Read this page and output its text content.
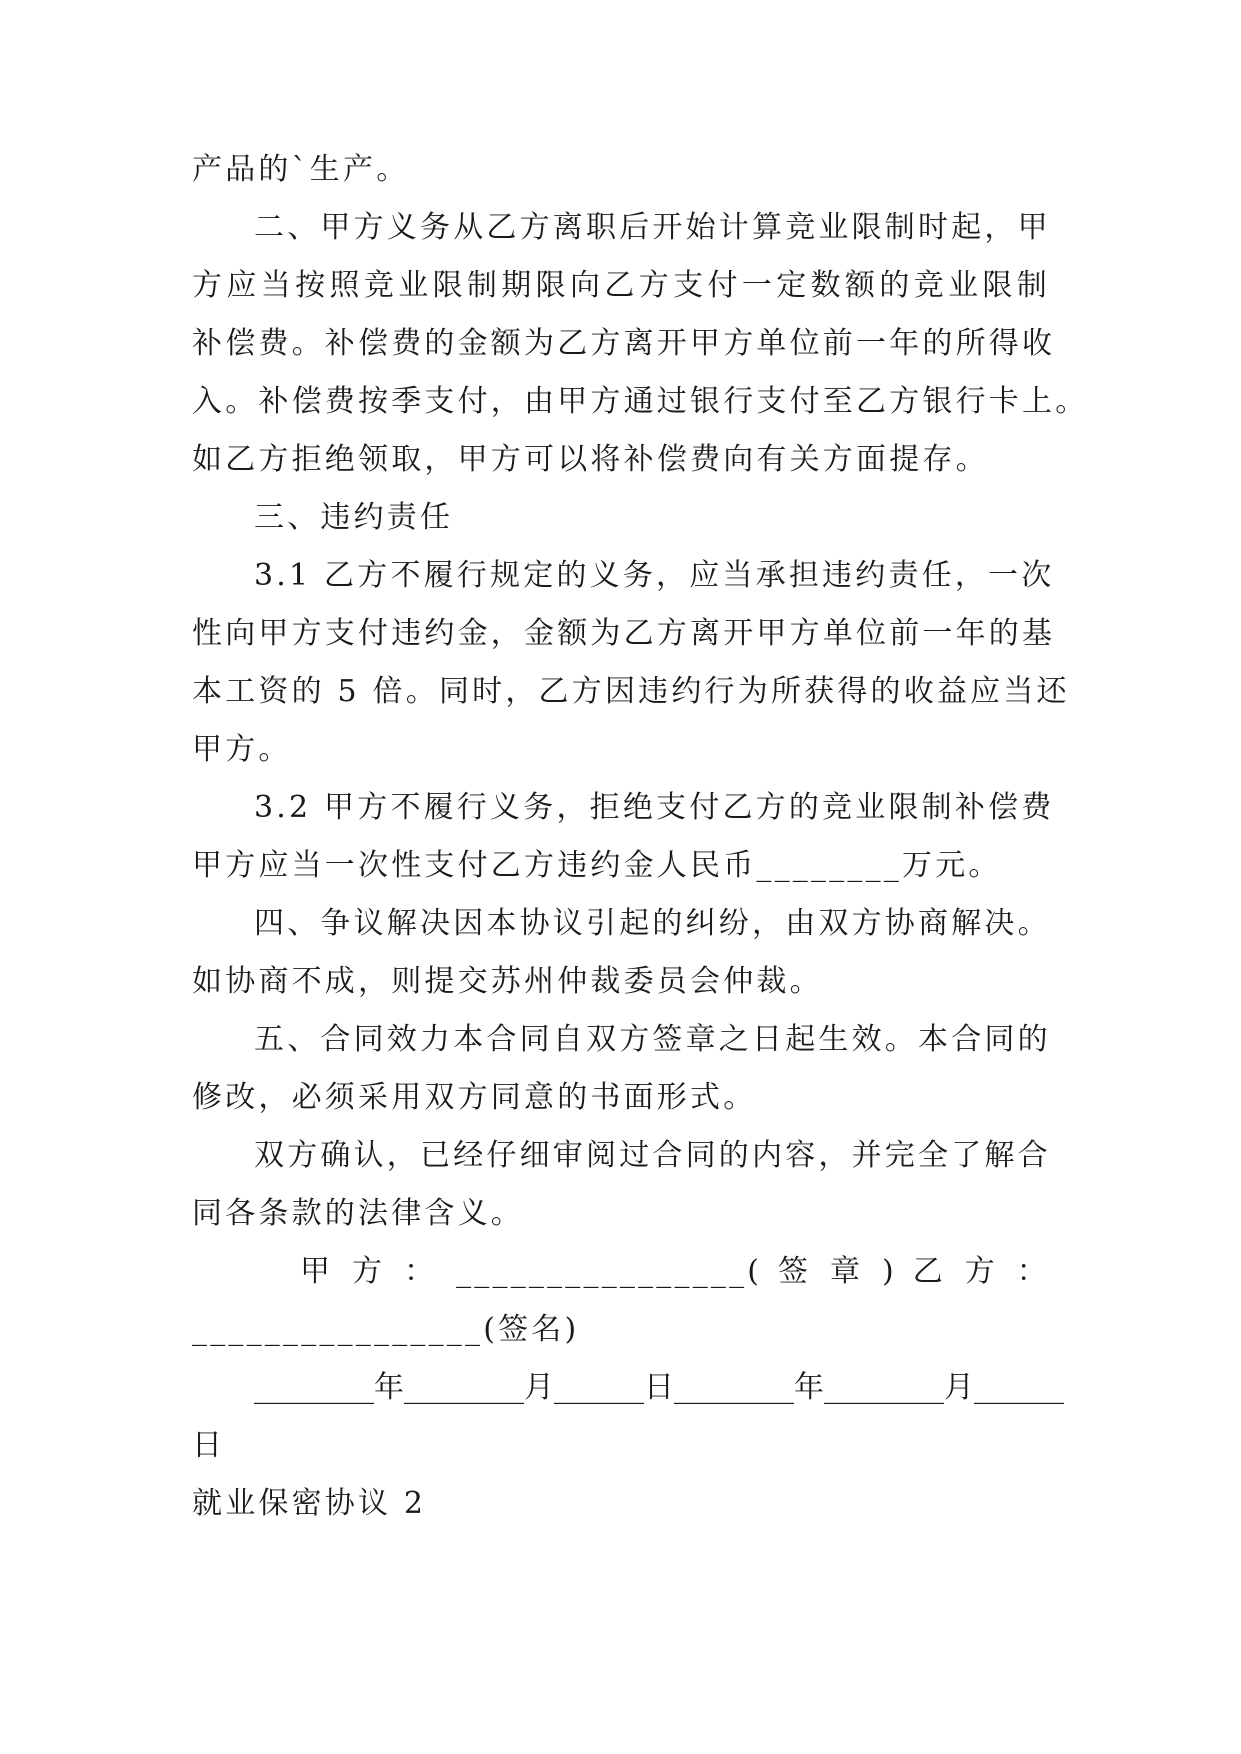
产品的`生产。
二、甲方义务从乙方离职后开始计算竞业限制时起，甲
方应当按照竞业限制期限向乙方支付一定数额的竞业限制
补偿费。补偿费的金额为乙方离开甲方单位前一年的所得收
入。补偿费按季支付，由甲方通过银行支付至乙方银行卡上。
如乙方拒绝领取，甲方可以将补偿费向有关方面提存。
三、违约责任
3.1 乙方不履行规定的义务，应当承担违约责任，一次
性向甲方支付违约金，金额为乙方离开甲方单位前一年的基
本工资的 5 倍。同时，乙方因违约行为所获得的收益应当还
甲方。
3.2 甲方不履行义务，拒绝支付乙方的竞业限制补偿费
甲方应当一次性支付乙方违约金人民币________万元。
四、争议解决因本协议引起的纠纷，由双方协商解决。
如协商不成，则提交苏州仲裁委员会仲裁。
五、合同效力本合同自双方签章之日起生效。本合同的
修改，必须采用双方同意的书面形式。
双方确认，已经仔细审阅过合同的内容，并完全了解合
同各条款的法律含义。
甲 方 ： ________________( 签 章 ) 乙 方 ：
________________(签名)
________年________月______日________年________月______
日
就业保密协议 2
